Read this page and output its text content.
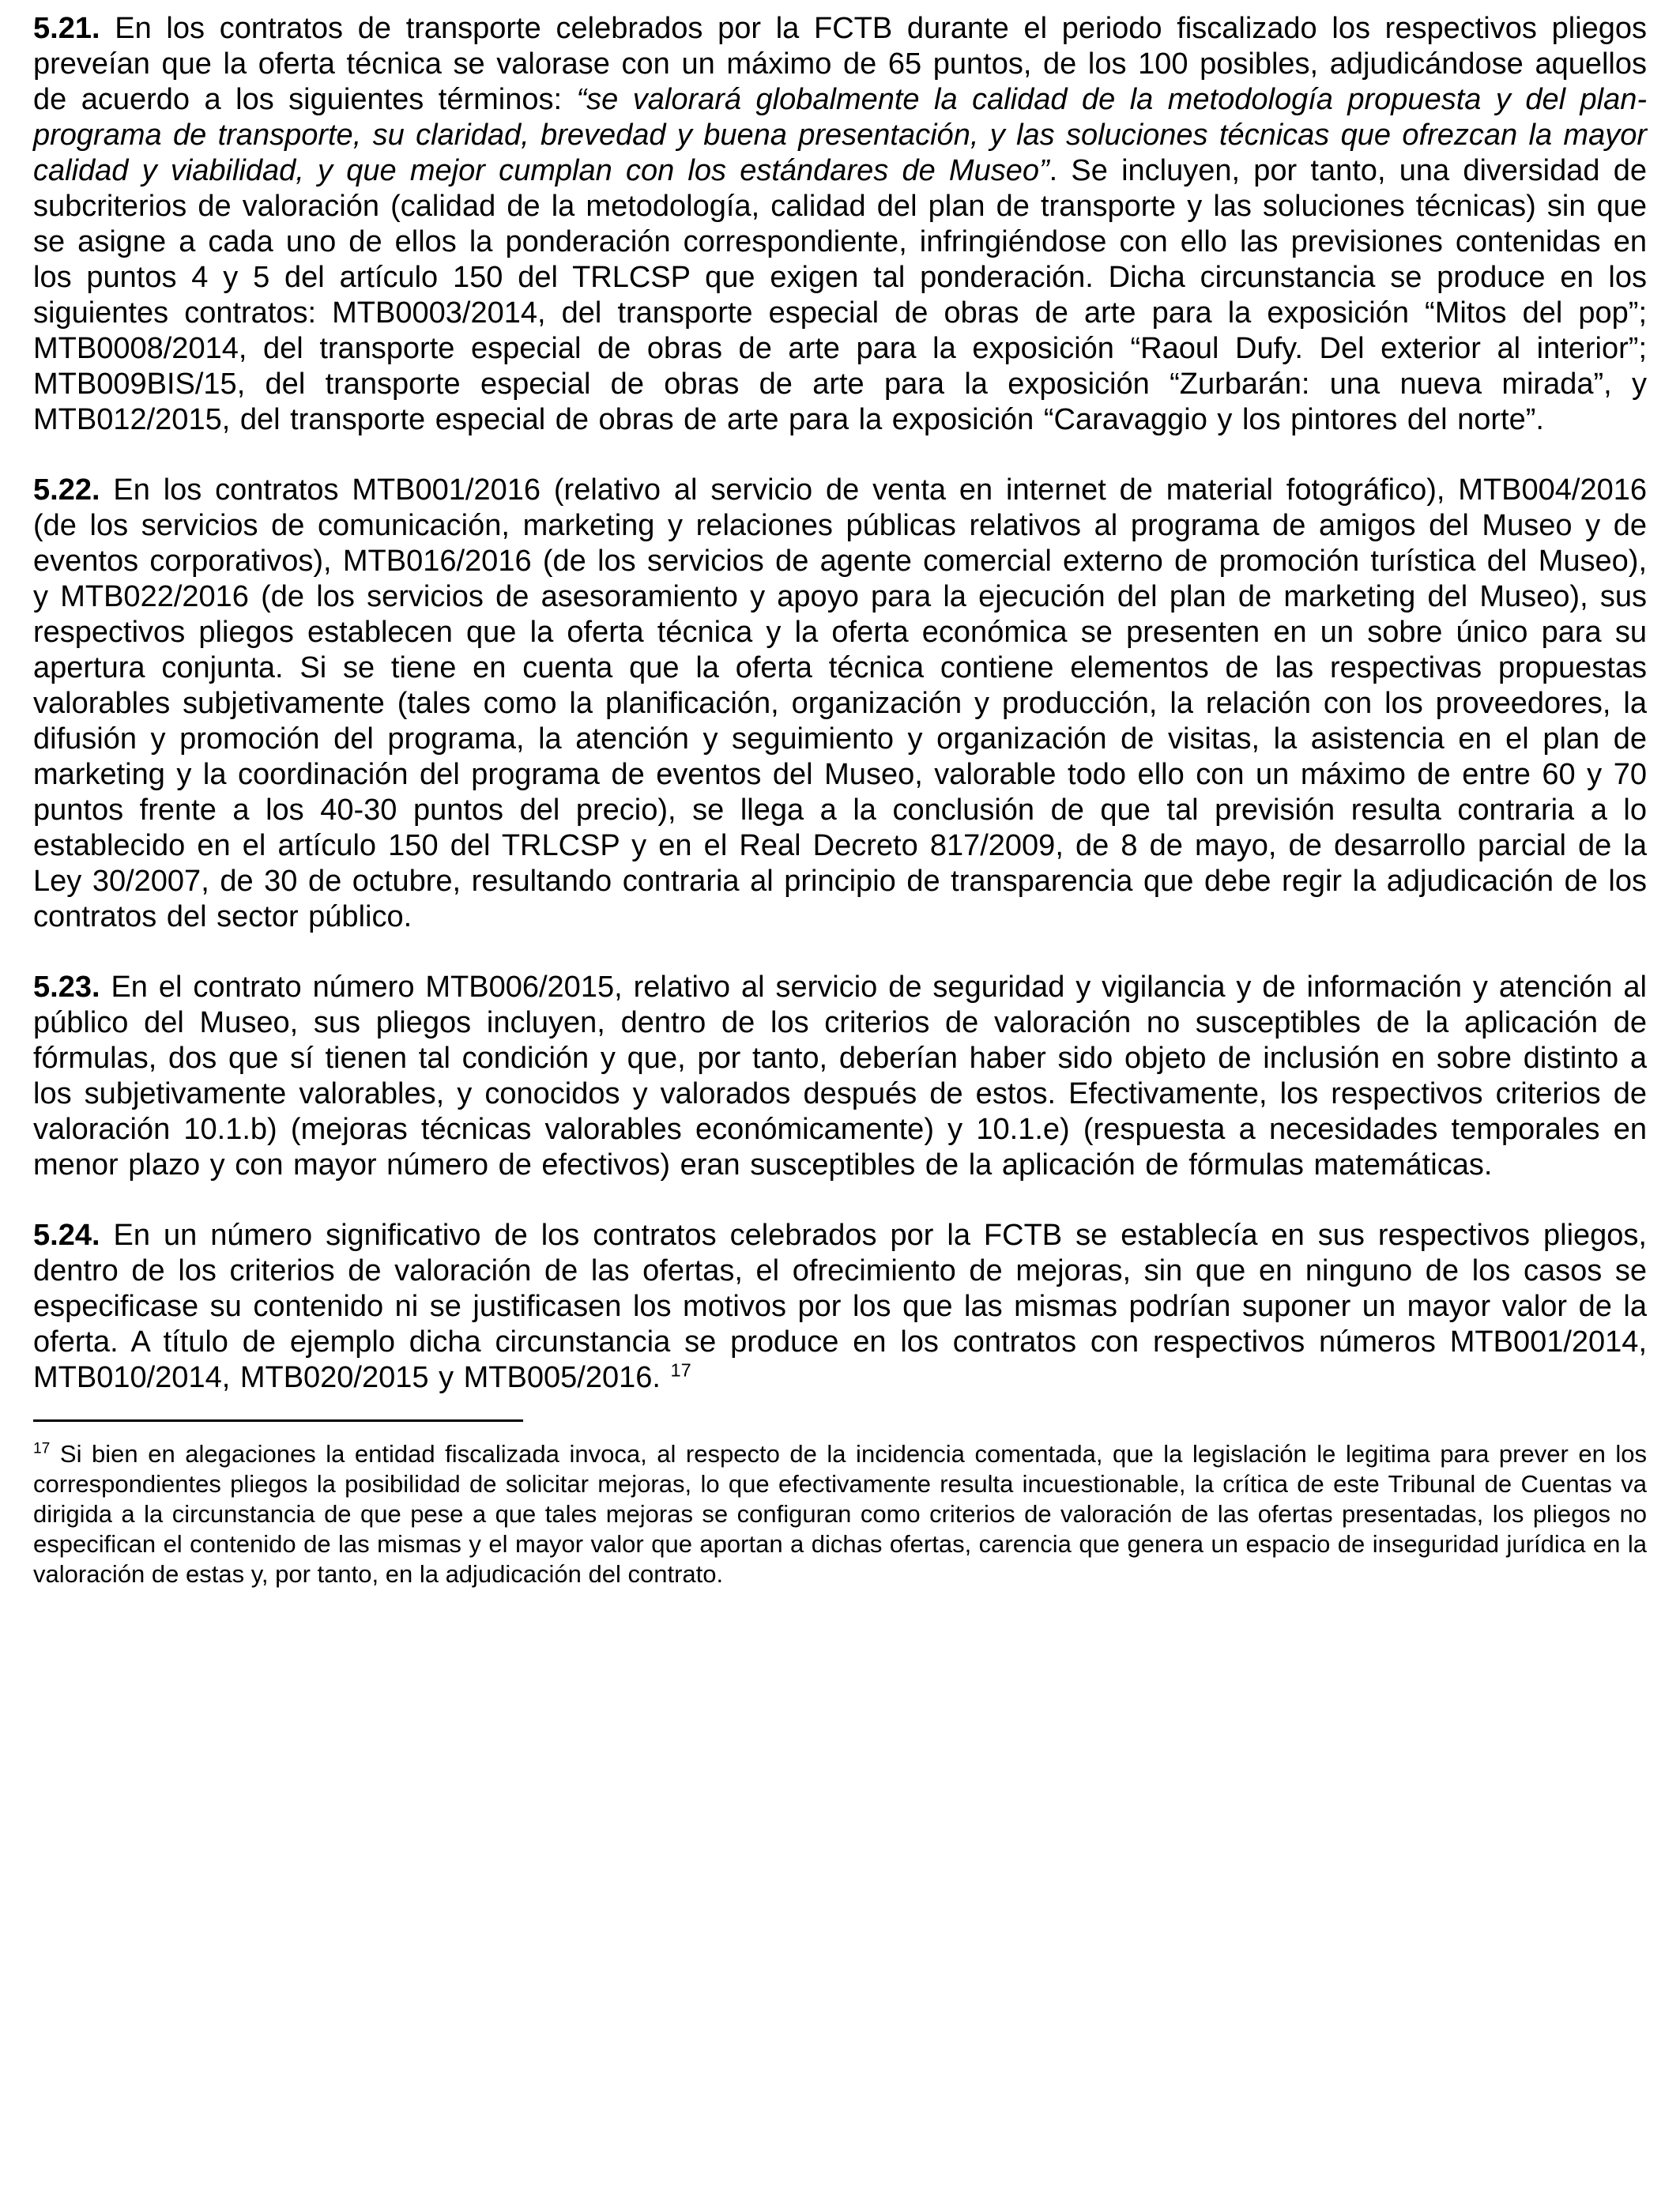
5.21. En los contratos de transporte celebrados por la FCTB durante el periodo fiscalizado los respectivos pliegos preveían que la oferta técnica se valorase con un máximo de 65 puntos, de los 100 posibles, adjudicándose aquellos de acuerdo a los siguientes términos: “se valorará globalmente la calidad de la metodología propuesta y del plan-programa de transporte, su claridad, brevedad y buena presentación, y las soluciones técnicas que ofrezcan la mayor calidad y viabilidad, y que mejor cumplan con los estándares de Museo”. Se incluyen, por tanto, una diversidad de subcriterios de valoración (calidad de la metodología, calidad del plan de transporte y las soluciones técnicas) sin que se asigne a cada uno de ellos la ponderación correspondiente, infringiéndose con ello las previsiones contenidas en los puntos 4 y 5 del artículo 150 del TRLCSP que exigen tal ponderación. Dicha circunstancia se produce en los siguientes contratos: MTB0003/2014, del transporte especial de obras de arte para la exposición “Mitos del pop”; MTB0008/2014, del transporte especial de obras de arte para la exposición “Raoul Dufy. Del exterior al interior”; MTB009BIS/15, del transporte especial de obras de arte para la exposición “Zurbarán: una nueva mirada”, y MTB012/2015, del transporte especial de obras de arte para la exposición “Caravaggio y los pintores del norte”.

5.22. En los contratos MTB001/2016 (relativo al servicio de venta en internet de material fotográfico), MTB004/2016 (de los servicios de comunicación, marketing y relaciones públicas relativos al programa de amigos del Museo y de eventos corporativos), MTB016/2016 (de los servicios de agente comercial externo de promoción turística del Museo), y MTB022/2016 (de los servicios de asesoramiento y apoyo para la ejecución del plan de marketing del Museo), sus respectivos pliegos establecen que la oferta técnica y la oferta económica se presenten en un sobre único para su apertura conjunta. Si se tiene en cuenta que la oferta técnica contiene elementos de las respectivas propuestas valorables subjetivamente (tales como la planificación, organización y producción, la relación con los proveedores, la difusión y promoción del programa, la atención y seguimiento y organización de visitas, la asistencia en el plan de marketing y la coordinación del programa de eventos del Museo, valorable todo ello con un máximo de entre 60 y 70 puntos frente a los 40-30 puntos del precio), se llega a la conclusión de que tal previsión resulta contraria a lo establecido en el artículo 150 del TRLCSP y en el Real Decreto 817/2009, de 8 de mayo, de desarrollo parcial de la Ley 30/2007, de 30 de octubre, resultando contraria al principio de transparencia que debe regir la adjudicación de los contratos del sector público.

5.23. En el contrato número MTB006/2015, relativo al servicio de seguridad y vigilancia y de información y atención al público del Museo, sus pliegos incluyen, dentro de los criterios de valoración no susceptibles de la aplicación de fórmulas, dos que sí tienen tal condición y que, por tanto, deberían haber sido objeto de inclusión en sobre distinto a los subjetivamente valorables, y conocidos y valorados después de estos. Efectivamente, los respectivos criterios de valoración 10.1.b) (mejoras técnicas valorables económicamente) y 10.1.e) (respuesta a necesidades temporales en menor plazo y con mayor número de efectivos) eran susceptibles de la aplicación de fórmulas matemáticas.

5.24. En un número significativo de los contratos celebrados por la FCTB se establecía en sus respectivos pliegos, dentro de los criterios de valoración de las ofertas, el ofrecimiento de mejoras, sin que en ninguno de los casos se especificase su contenido ni se justificasen los motivos por los que las mismas podrían suponer un mayor valor de la oferta. A título de ejemplo dicha circunstancia se produce en los contratos con respectivos números MTB001/2014, MTB010/2014, MTB020/2015 y MTB005/2016. $^{17}$

$^{17}$ Si bien en alegaciones la entidad fiscalizada invoca, al respecto de la incidencia comentada, que la legislación le legitima para prever en los correspondientes pliegos la posibilidad de solicitar mejoras, lo que efectivamente resulta incuestionable, la crítica de este Tribunal de Cuentas va dirigida a la circunstancia de que pese a que tales mejoras se configuran como criterios de valoración de las ofertas presentadas, los pliegos no especifican el contenido de las mismas y el mayor valor que aportan a dichas ofertas, carencia que genera un espacio de inseguridad jurídica en la valoración de estas y, por tanto, en la adjudicación del contrato.
